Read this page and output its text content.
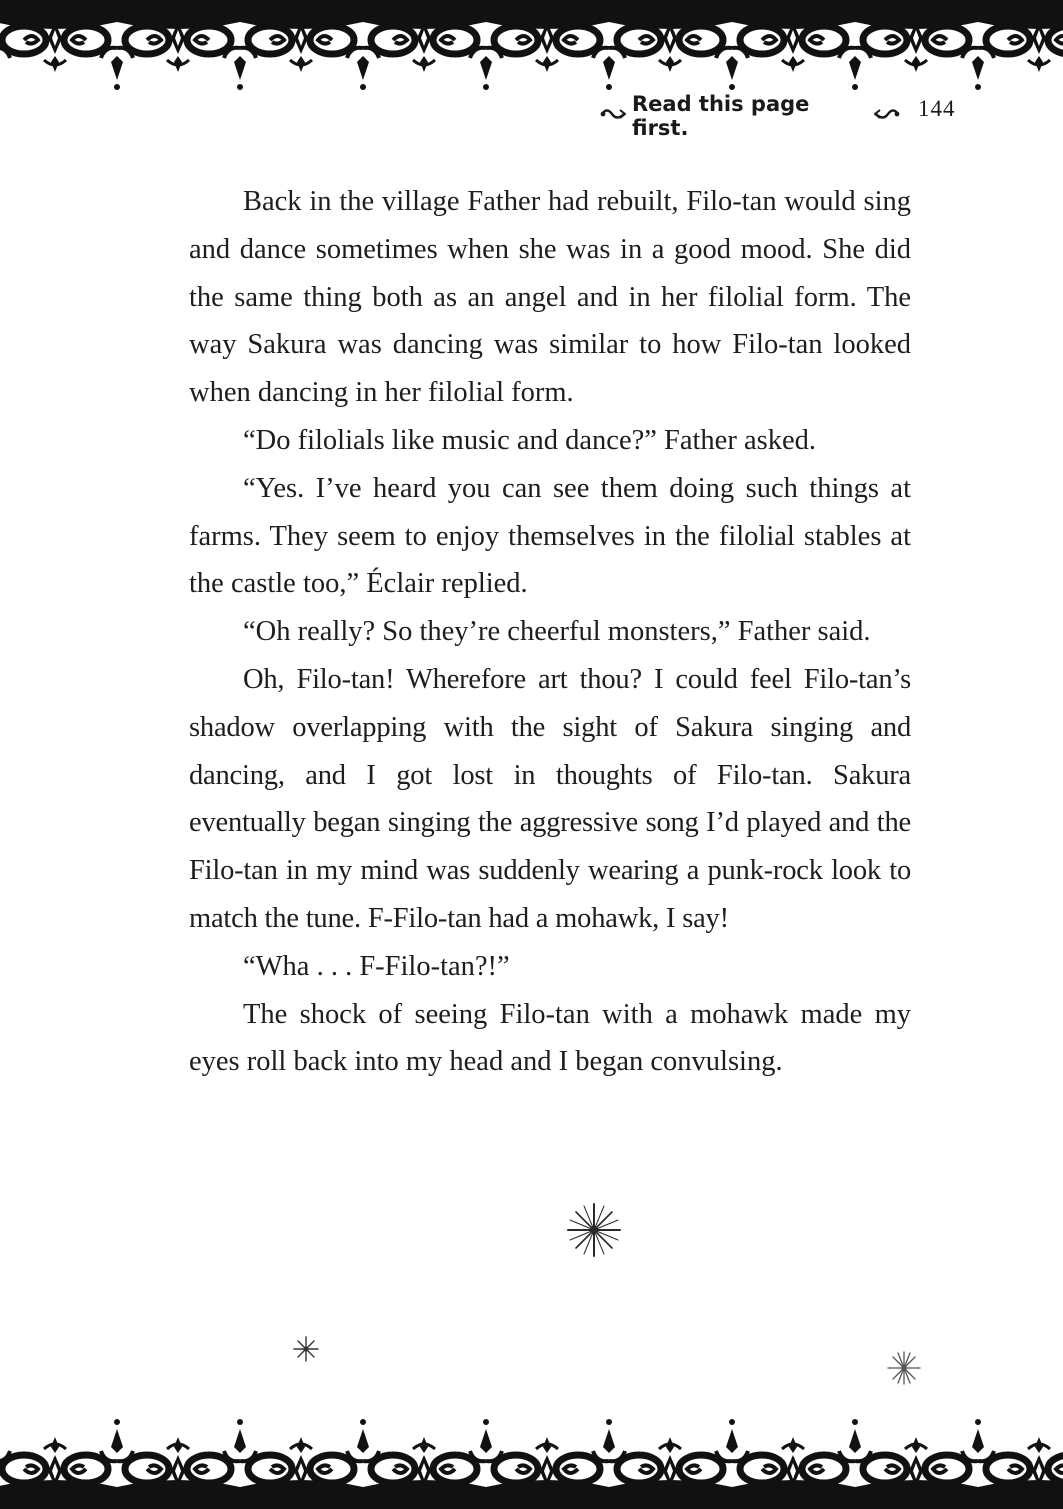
Read this page first.
144

Back in the village Father had rebuilt, Filo-tan would sing and dance sometimes when she was in a good mood. She did the same thing both as an angel and in her filolial form. The way Sakura was dancing was similar to how Filo-tan looked when dancing in her filolial form.

“Do filolials like music and dance?” Father asked.

“Yes. I’ve heard you can see them doing such things at farms. They seem to enjoy themselves in the filolial stables at the castle too,” Éclair replied.

“Oh really? So they’re cheerful monsters,” Father said.

Oh, Filo-tan! Wherefore art thou? I could feel Filo-tan’s shadow overlapping with the sight of Sakura singing and dancing, and I got lost in thoughts of Filo-tan. Sakura eventually began singing the aggressive song I’d played and the Filo-tan in my mind was suddenly wearing a punk-rock look to match the tune. F-Filo-tan had a mohawk, I say!

“Wha . . . F-Filo-tan?!”

The shock of seeing Filo-tan with a mohawk made my eyes roll back into my head and I began convulsing.
